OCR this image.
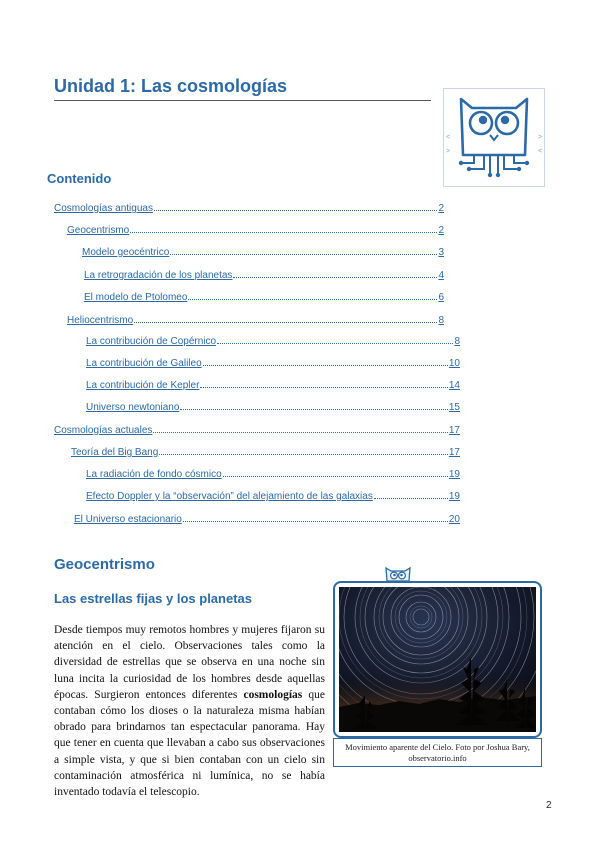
Unidad 1: Las cosmologías
<
>
>
<
Contenido
Cosmologías antiguas	2
Geocentrismo	2
Modelo geocéntrico	3
La retrogradación de los planetas	4
El modelo de Ptolomeo	6
Heliocentrismo	8
La contribución de Copérnico	8
La contribución de Galileo	10
La contribución de Kepler	14
Universo newtoniano	15
Cosmologías actuales	17
Teoría del Big Bang	17
La radiación de fondo cósmico	19
Efecto Doppler y la “observación” del alejamiento de las galaxias	19
El Universo estacionario	20
Geocentrismo
Las estrellas fijas y los planetas

Desde tiempos muy remotos hombres y mujeres fijaron su atención en el cielo. Observaciones tales como la diversidad de estrellas que se observa en una noche sin luna incita la curiosidad de los hombres desde aquellas épocas. Surgieron entonces diferentes cosmologías que contaban cómo los dioses o la naturaleza misma habían obrado para brindarnos tan espectacular panorama. Hay que tener en cuenta que llevaban a cabo sus observaciones a simple vista, y que si bien contaban con un cielo sin contaminación atmosférica ni lumínica, no se había inventado todavía el telescopio.

Movimiento aparente del Cielo. Foto por Joshua Bary, observatorio.info
2
